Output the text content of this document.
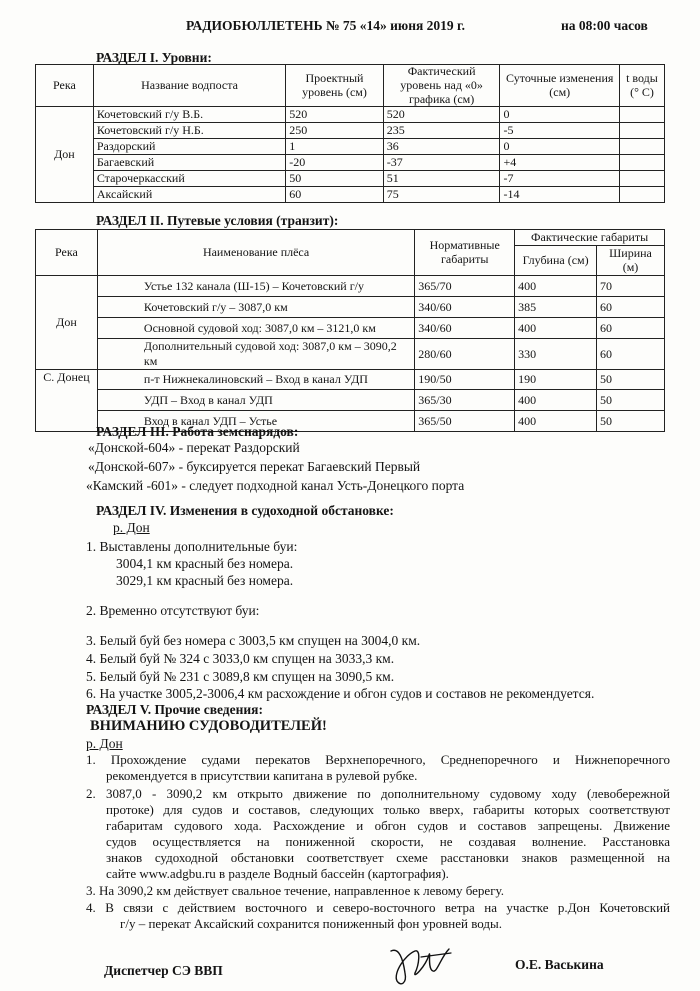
РАДИОБЮЛЛЕТЕНЬ № 75 «14» июня 2019 г.	на 08:00 часов
РАЗДЕЛ I. Уровни:
Река	Название водпоста	Проектный уровень (см)	Фактический уровень над «0» графика (см)	Суточные изменения (см)	t воды (° С)
Дон	Кочетовский г/у В.Б.	520	520	0	
	Кочетовский г/у Н.Б.	250	235	-5	
	Раздорский	1	36	0	
	Багаевский	-20	-37	+4	
	Старочеркасский	50	51	-7	
	Аксайский	60	75	-14	
РАЗДЕЛ II. Путевые условия (транзит):
Река	Наименование плёса	Нормативные габариты	Фактические габариты	
			Глубина (см)	Ширина (м)
Дон	Устье 132 канала (Ш-15) – Кочетовский г/у	365/70	400	70
	Кочетовский г/у – 3087,0 км	340/60	385	60
	Основной судовой ход: 3087,0 км – 3121,0 км	340/60	400	60
	Дополнительный судовой ход: 3087,0 км – 3090,2 км	280/60	330	60
С. Донец	п-т Нижнекалиновский – Вход в канал УДП	190/50	190	50
	УДП – Вход в канал УДП	365/30	400	50
	Вход в канал УДП – Устье	365/50	400	50
РАЗДЕЛ III. Работа земснарядов:
«Донской-604» - перекат Раздорский
«Донской-607» - буксируется перекат Багаевский Первый
«Камский -601» - следует подходной канал Усть-Донецкого порта
РАЗДЕЛ IV. Изменения в судоходной обстановке:
р. Дон
1. Выставлены дополнительные буи:
3004,1 км красный без номера.
3029,1 км красный без номера.
2. Временно отсутствуют буи:
3. Белый буй без номера с 3003,5 км спущен на 3004,0 км.
4. Белый буй № 324 с 3033,0 км спущен на 3033,3 км.
5. Белый буй № 231 с 3089,8 км спущен на 3090,5 км.
6. На участке 3005,2-3006,4 км расхождение и обгон судов и составов не рекомендуется.
РАЗДЕЛ V. Прочие сведения:
ВНИМАНИЮ СУДОВОДИТЕЛЕЙ!
р. Дон
1. Прохождение судами перекатов Верхнепоречного, Среднепоречного и Нижнепоречного
рекомендуется в присутствии капитана в рулевой рубке.
2. 3087,0 - 3090,2 км открыто движение по дополнительному судовому ходу (левобережной
протоке) для судов и составов, следующих только вверх, габариты которых соответствуют
габаритам судового хода. Расхождение и обгон судов и составов запрещены. Движение
судов осуществляется на пониженной скорости, не создавая волнение. Расстановка
знаков судоходной обстановки соответствует схеме расстановки знаков размещенной на
сайте www.adgbu.ru в разделе Водный бассейн (картография).
3. На 3090,2 км действует свальное течение, направленное к левому берегу.
4. В связи с действием восточного и северо-восточного ветра на участке р.Дон Кочетовский
г/у – перекат Аксайский сохранится пониженный фон уровней воды.
Диспетчер СЭ ВВП	О.Е. Васькина
